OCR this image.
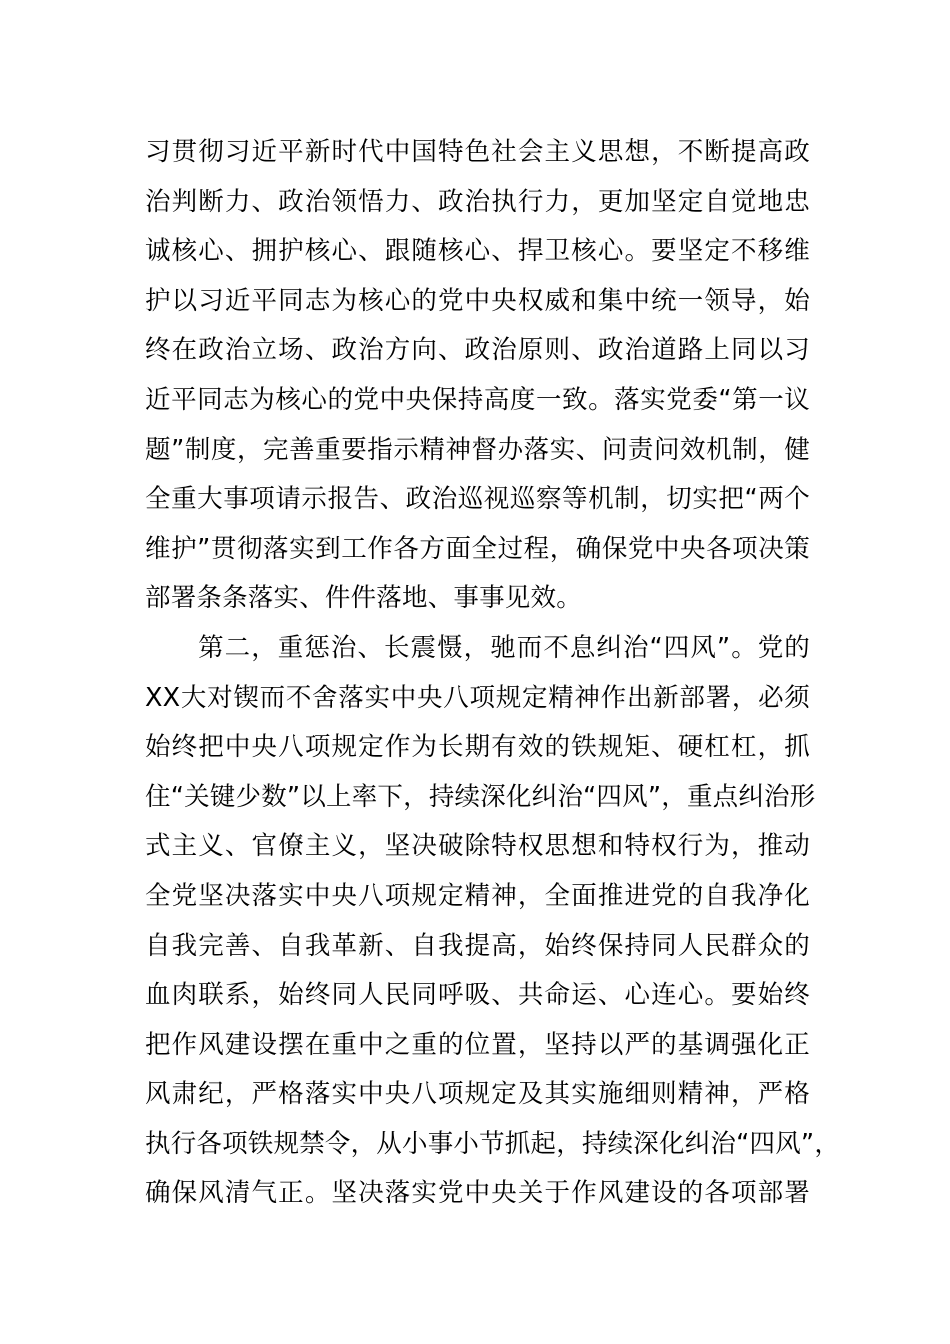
习贯彻习近平新时代中国特色社会主义思想，不断提高政
治判断力、政治领悟力、政治执行力，更加坚定自觉地忠
诚核心、拥护核心、跟随核心、捍卫核心。要坚定不移维
护以习近平同志为核心的党中央权威和集中统一领导，始
终在政治立场、政治方向、政治原则、政治道路上同以习
近平同志为核心的党中央保持高度一致。落实党委“第一议
题”制度，完善重要指示精神督办落实、问责问效机制，健
全重大事项请示报告、政治巡视巡察等机制，切实把“两个
维护”贯彻落实到工作各方面全过程，确保党中央各项决策
部署条条落实、件件落地、事事见效。
　　第二，重惩治、长震慑，驰而不息纠治“四风”。党的
XX大对锲而不舍落实中央八项规定精神作出新部署，必须
始终把中央八项规定作为长期有效的铁规矩、硬杠杠，抓
住“关键少数”以上率下，持续深化纠治“四风”，重点纠治形
式主义、官僚主义，坚决破除特权思想和特权行为，推动
全党坚决落实中央八项规定精神，全面推进党的自我净化
自我完善、自我革新、自我提高，始终保持同人民群众的
血肉联系，始终同人民同呼吸、共命运、心连心。要始终
把作风建设摆在重中之重的位置，坚持以严的基调强化正
风肃纪，严格落实中央八项规定及其实施细则精神，严格
执行各项铁规禁令，从小事小节抓起，持续深化纠治“四风”，
确保风清气正。坚决落实党中央关于作风建设的各项部署
